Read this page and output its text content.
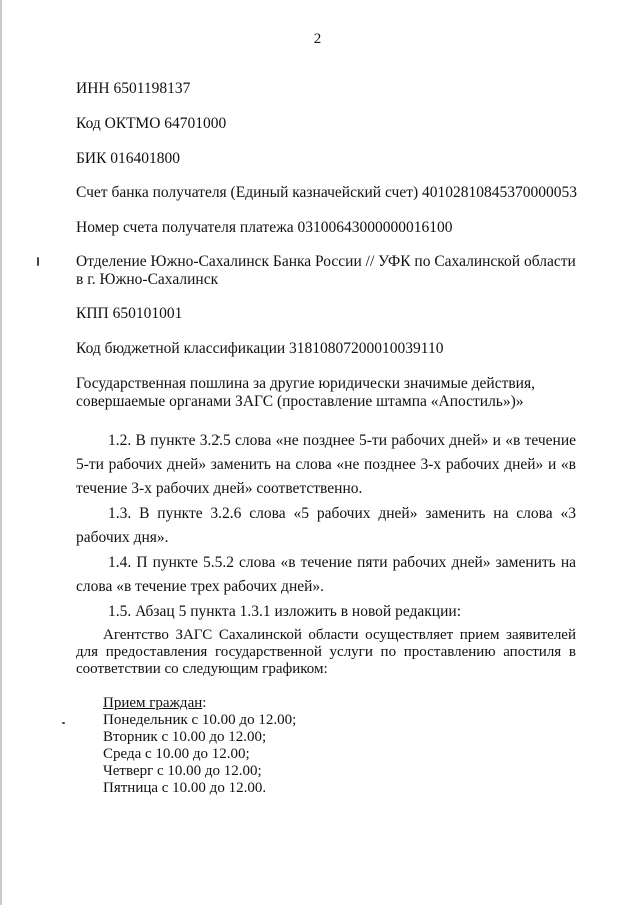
2
ИНН 6501198137
Код ОКТМО 64701000
БИК 016401800
Счет банка получателя (Единый казначейский счет) 40102810845370000053
Номер счета получателя платежа 03100643000000016100
Отделение Южно-Сахалинск Банка России // УФК по Сахалинской области
в г. Южно-Сахалинск
КПП 650101001
Код бюджетной классификации 31810807200010039110
Государственная пошлина за другие юридически значимые действия,
совершаемые органами ЗАГС (проставление штампа «Апостиль»)»
1.2. В пункте 3.2.5 слова «не позднее 5-ти рабочих дней» и «в течение 5-ти рабочих дней» заменить на слова «не позднее 3-х рабочих дней» и «в течение 3-х рабочих дней» соответственно.
1.3. В пункте 3.2.6 слова «5 рабочих дней» заменить на слова «3 рабочих дня».
1.4. П пункте 5.5.2 слова «в течение пяти рабочих дней» заменить на слова «в течение трех рабочих дней».
1.5. Абзац 5 пункта 1.3.1 изложить в новой редакции:
Агентство ЗАГС Сахалинской области осуществляет прием заявителей для предоставления государственной услуги по проставлению апостиля в соответствии со следующим графиком:
Прием граждан:
Понедельник с 10.00 до 12.00;
Вторник с 10.00 до 12.00;
Среда с 10.00 до 12.00;
Четверг с 10.00 до 12.00;
Пятница с 10.00 до 12.00.
